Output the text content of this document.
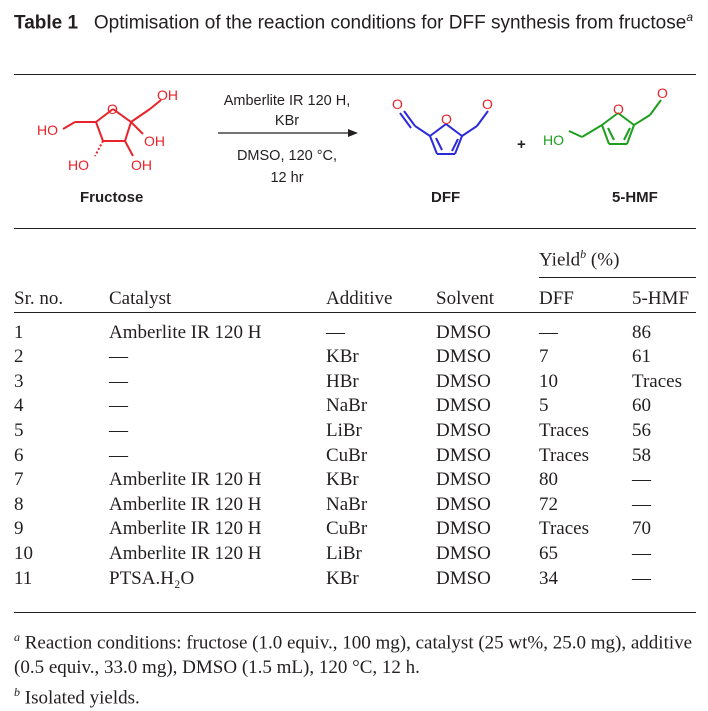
Table 1 Optimisation of the reaction conditions for DFF synthesis from fructose$^a$
O
OH
HO
OH
HO	OH
Fructose
Amberlite IR 120 H,
KBr
DMSO, 120 °C,
12 hr
O
O
O
DFF
+ HO
O
O
5-HMF
Yield$^b$ (%)
Sr. no.	Catalyst	Additive	Solvent	DFF	5-HMF

1	Amberlite IR 120 H	—	DMSO	—	86
2	—	KBr	DMSO	7	61
3	—	HBr	DMSO	10	Traces
4	—	NaBr	DMSO	5	60
5	—	LiBr	DMSO	Traces	56
6	—	CuBr	DMSO	Traces	58
7	Amberlite IR 120 H	KBr	DMSO	80	—
8	Amberlite IR 120 H	NaBr	DMSO	72	—
9	Amberlite IR 120 H	CuBr	DMSO	Traces	70
10	Amberlite IR 120 H	LiBr	DMSO	65	—
11	PTSA.H₂O	KBr	DMSO	34	—
$^a$ Reaction conditions: fructose (1.0 equiv., 100 mg), catalyst (25 wt%, 25.0 mg), additive (0.5 equiv., 33.0 mg), DMSO (1.5 mL), 120 °C, 12 h.
$^b$ Isolated yields.
